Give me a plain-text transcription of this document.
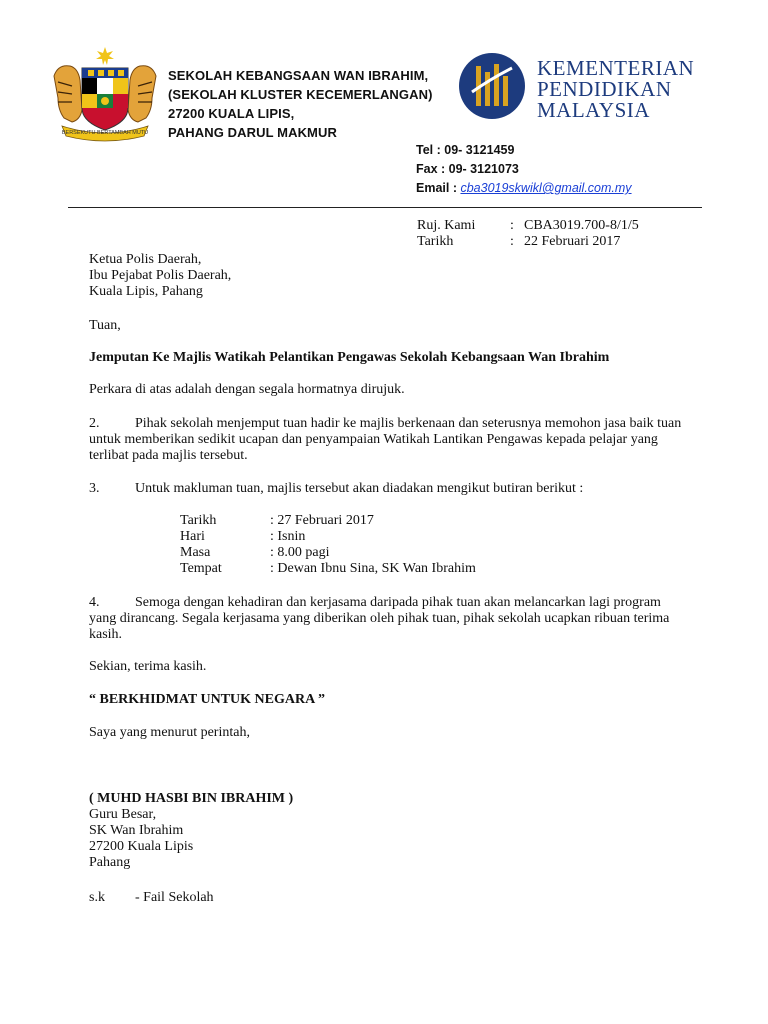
BERSEKUTU BERTAMBAH MUTU
SEKOLAH KEBANGSAAN WAN IBRAHIM,
(SEKOLAH KLUSTER KECEMERLANGAN)
27200 KUALA LIPIS,
PAHANG DARUL MAKMUR
KEMENTERIAN
PENDIDIKAN
MALAYSIA
Tel : 09- 3121459
Fax : 09- 3121073
Email : cba3019skwikl@gmail.com.my
Ruj. Kami : CBA3019.700-8/1/5
Tarikh	: 22 Februari 2017
Ketua Polis Daerah,
Ibu Pejabat Polis Daerah,
Kuala Lipis, Pahang
Tuan,
Jemputan Ke Majlis Watikah Pelantikan Pengawas Sekolah Kebangsaan Wan Ibrahim
Perkara di atas adalah dengan segala hormatnya dirujuk.
2.	Pihak sekolah menjemput tuan hadir ke majlis berkenaan dan seterusnya memohon jasa baik tuan
untuk memberikan sedikit ucapan dan penyampaian Watikah Lantikan Pengawas kepada pelajar yang
terlibat pada majlis tersebut.
3.	Untuk makluman tuan, majlis tersebut akan diadakan mengikut butiran berikut :
Tarikh	: 27 Februari 2017
Hari	: Isnin
Masa	: 8.00 pagi
Tempat	: Dewan Ibnu Sina, SK Wan Ibrahim
4.	Semoga dengan kehadiran dan kerjasama daripada pihak tuan akan melancarkan lagi program
yang dirancang. Segala kerjasama yang diberikan oleh pihak tuan, pihak sekolah ucapkan ribuan terima
kasih.
Sekian, terima kasih.
“ BERKHIDMAT UNTUK NEGARA ”
Saya yang menurut perintah,
( MUHD HASBI BIN IBRAHIM )
Guru Besar,
SK Wan Ibrahim
27200 Kuala Lipis
Pahang
s.k - Fail Sekolah
